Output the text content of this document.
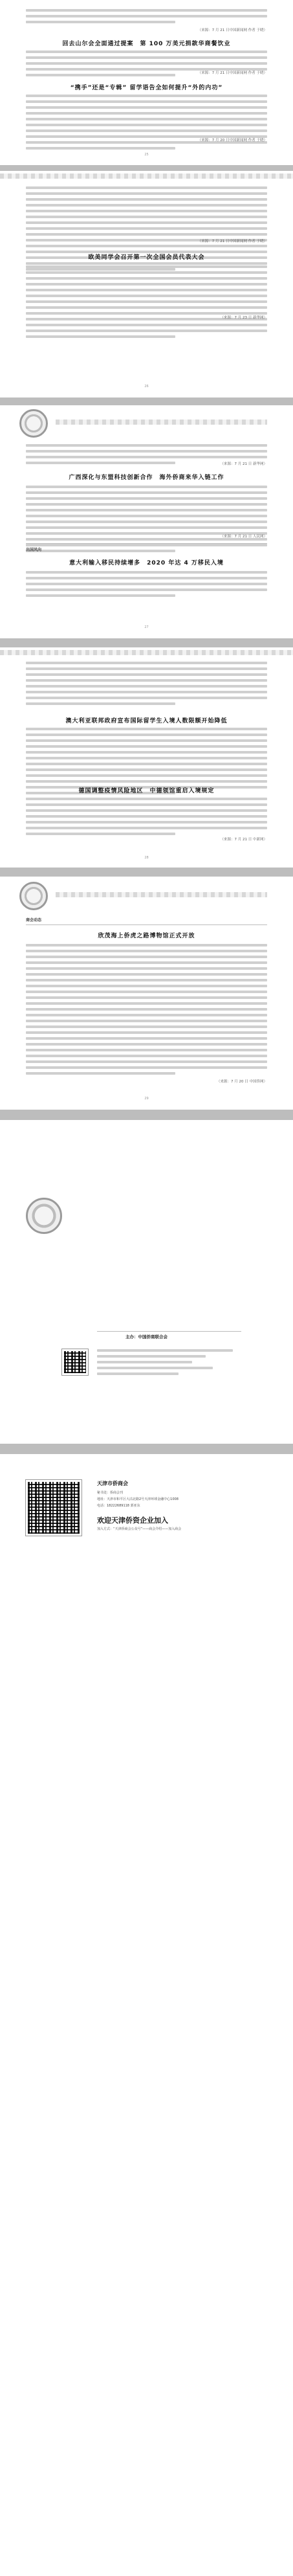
（来源：7 月 21 日中国新闻网 作者 于晓）
回去山尔会全面通过提案　第 100 万美元捐款华商餐饮业
（来源：7 月 21 日中国新闻网 作者 于晓）
“携手”还是“专辑” 留学语告全如何提升“外的内功”
（来源：7 月 20 日中国新闻网 作者 于晓）
25
（来源：7 月 21 日中国新闻网 作者 于晓）
欧美同学会召开第一次全国会员代表大会
（来源：7 月 23 日 新华网）
26
（来源：7 月 21 日 新华网）
广西深化与东盟科技创新合作　海外侨商来华入链工作
（来源：7 月 21 日 人民网）
出国风向
意大利输入移民持续增多　2020 年达 4 万移民入境
27
澳大利亚联邦政府宣布国际留学生入境人数限额开始降低
德国调整疫情风险地区　中德领馆重启入境规定
（来源：7 月 21 日 中新网）
28
商会动态
欣茂海上侨虎之路博物馆正式开放
（来源：7 月 20 日 中国侨网）
29
主办：中国侨商联合会
天津市侨商会
秘书处：侨商会刊
地址：天津市和平区大沽北路2号天津环球金融中心1008
电话：18222689118 郭亚东
欢迎天津侨资企业加入
加入方式：“天津侨商会公众号”——商会介绍——加入商会
